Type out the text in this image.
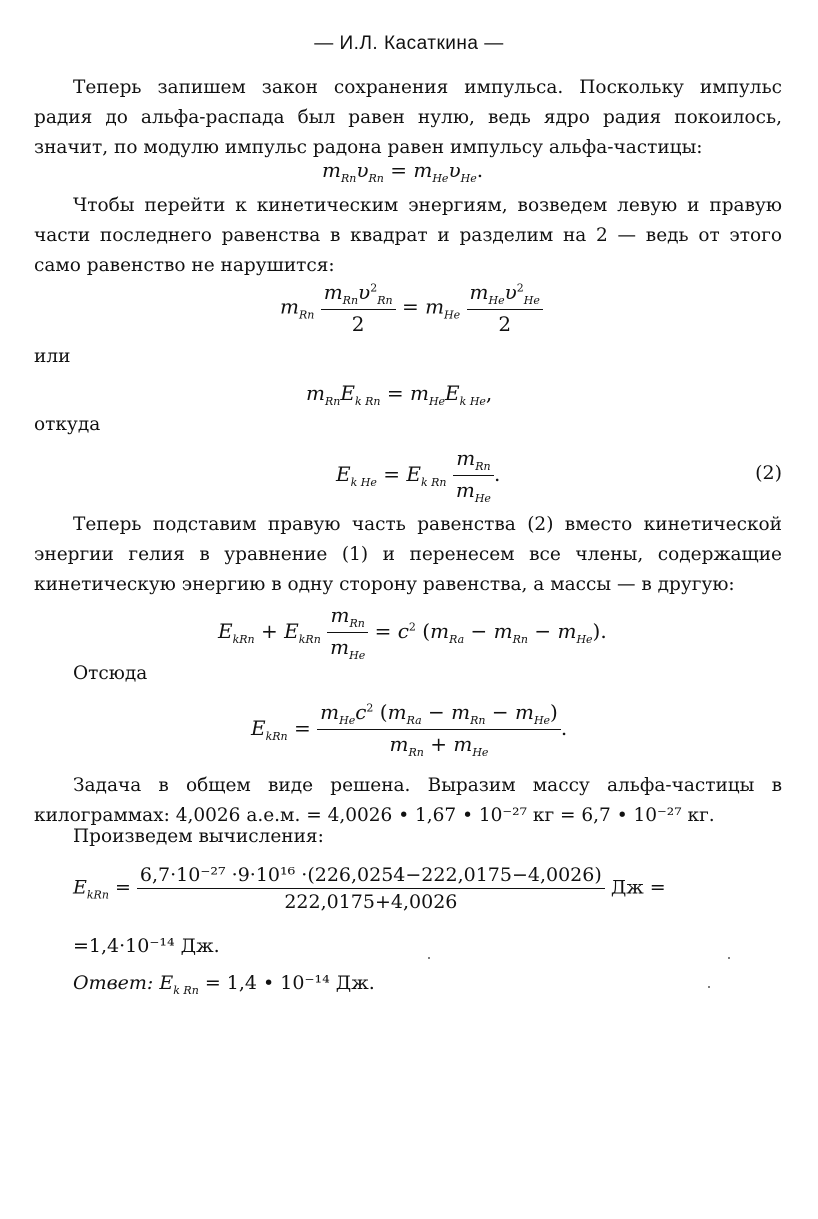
— И.Л. Касаткина —
Теперь запишем закон сохранения импульса. Поскольку импульс радия до альфа-распада был равен нулю, ведь ядро радия покоилось, значит, по модулю импульс радона равен импульсу альфа-частицы:
$m_{Rn}\upsilon_{Rn} = m_{He}\upsilon_{He}$.
Чтобы перейти к кинетическим энергиям, возведем левую и правую части последнего равенства в квадрат и разделим на 2 — ведь от этого само равенство не нарушится:
$m_{Rn} \frac{m_{Rn}\upsilon^2_{Rn}}{2} = m_{He} \frac{m_{He}\upsilon^2_{He}}{2}$
или
$m_{Rn}E_{k Rn} = m_{He}E_{k He}$,
откуда
$E_{k He} = E_{k Rn} \frac{m_{Rn}}{m_{He}}$ .	(2)
Теперь подставим правую часть равенства (2) вместо кинетической энергии гелия в уравнение (1) и перенесем все члены, содержащие кинетическую энергию в одну сторону равенства, а массы — в другую:
$E_{kRn} + E_{kRn} \frac{m_{Rn}}{m_{He}} = c^2$ $(m_{Ra} - m_{Rn} - m_{He})$.
Отсюда
$E_{kRn} = \frac{m_{He}c^2 (m_{Ra} - m_{Rn} - m_{He})}{m_{Rn} + m_{He}}$ .
Задача в общем виде решена. Выразим массу альфа-частицы в килограммах: 4,0026 а.е.м. = 4,0026 • 1,67 • 10⁻²⁷ кг = 6,7 • 10⁻²⁷ кг.
Произведем вычисления:
$E_{kRn} = \frac{\text{6,7·10⁻²⁷ ·9·10¹⁶ ·(226,0254−222,0175−4,0026)}}{222,0175+4,0026}$ Дж =
=1,4·10⁻¹⁴ Дж.
Ответ: $E_{k Rn} = 1,4$ • 10⁻¹⁴ Дж.
